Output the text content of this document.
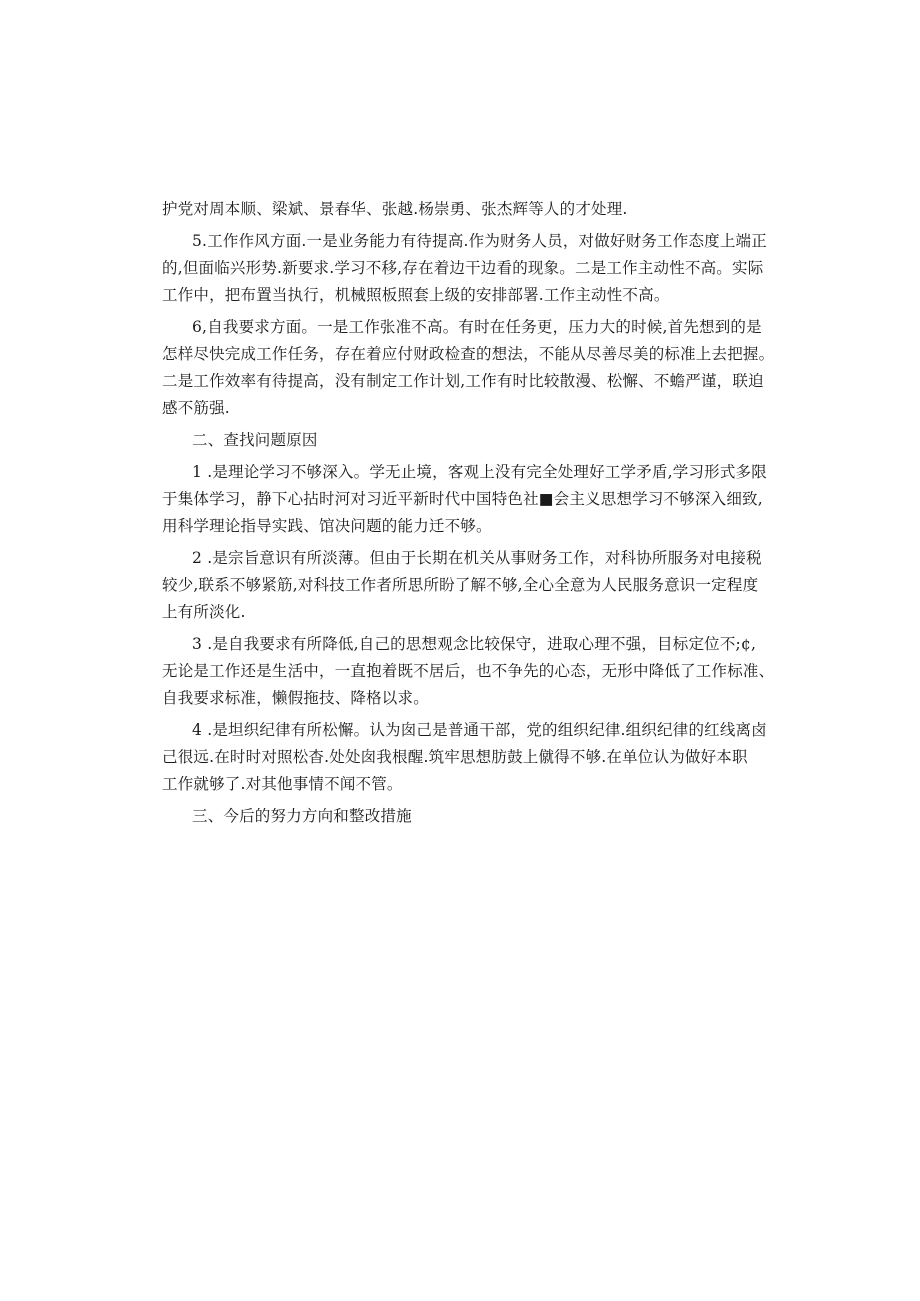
护党对周本顺、梁斌、景春华、张越.杨崇勇、张杰辉等人的才处理.
5.工作作风方面.一是业务能力有待提高.作为财务人员，对做好财务工作态度上端正
的,但面临兴形势.新要求.学习不移,存在着边干边看的现象。二是工作主动性不高。实际
工作中，把布置当执行，机械照板照套上级的安排部署.工作主动性不高。
6,自我要求方面。一是工作张准不高。有时在任务更，压力大的时候,首先想到的是
怎样尽快完成工作任务，存在着应付财政检查的想法，不能从尽善尽美的标准上去把握。
二是工作效率有待提高，没有制定工作计划,工作有时比较散漫、松懈、不蟾严谨，联迫
感不筋强.
二、查找问题原因
1 .是理论学习不够深入。学无止境，客观上没有完全处理好工学矛盾,学习形式多限
于集体学习，静下心拈时河对习近平新时代中国特色社■会主义思想学习不够深入细致,
用科学理论指导实践、馆决问题的能力迁不够。
2 .是宗旨意识有所淡薄。但由于长期在机关从事财务工作，对科协所服务对电接税
较少,联系不够紧筋,对科技工作者所思所盼了解不够,全心全意为人民服务意识一定程度
上有所淡化.
3 .是自我要求有所降低,自己的思想观念比较保守，进取心理不强，目标定位不;¢,
无论是工作还是生活中，一直抱着既不居后，也不争先的心态，无形中降低了工作标准、
自我要求标准，懒假拖技、降格以求。
4 .是坦织纪律有所松懈。认为囱己是普通干部，党的组织纪律.组织纪律的红线离卤
己很远.在时时对照松杳.处处囱我根醒.筑牢思想肪鼓上僦得不够.在单位认为做好本职
工作就够了.对其他事情不闻不管。
三、今后的努力方向和整改措施
